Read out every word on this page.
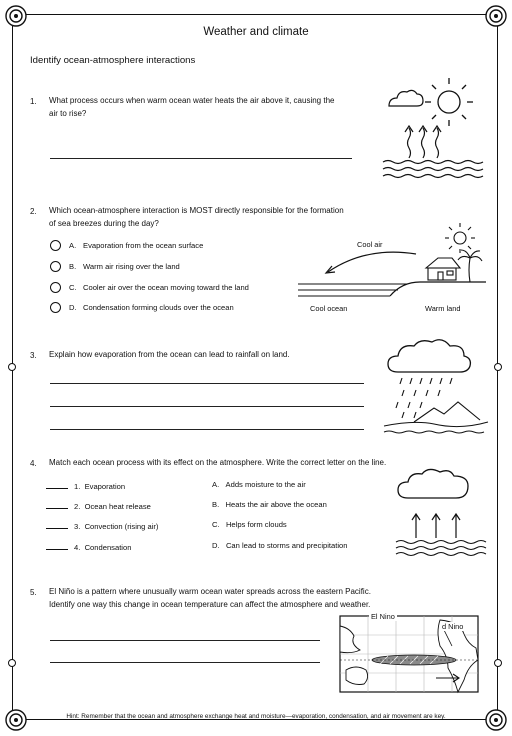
Weather and climate
Identify ocean-atmosphere interactions
1. What process occurs when warm ocean water heats the air above it, causing the
air to rise?
2. Which ocean-atmosphere interaction is MOST directly responsible for the formation
of sea breezes during the day?
A. Evaporation from the ocean surface
B. Warm air rising over the land
C. Cooler air over the ocean moving toward the land
D. Condensation forming clouds over the ocean
Cool air
Cool ocean	Warm land
3. Explain how evaporation from the ocean can lead to rainfall on land.
4. Match each ocean process with its effect on the atmosphere. Write the correct letter on the line.
1. Evaporation
2. Ocean heat release
3. Convection (rising air)
4. Condensation
A. Adds moisture to the air
B. Heats the air above the ocean
C. Helps form clouds
D. Can lead to storms and precipitation
5. El Niño is a pattern where unusually warm ocean water spreads across the eastern Pacific.
Identify one way this change in ocean temperature can affect the atmosphere and weather.
El Nino
d Nino
Hint: Remember that the ocean and atmosphere exchange heat and moisture—evaporation, condensation, and air movement are key.
